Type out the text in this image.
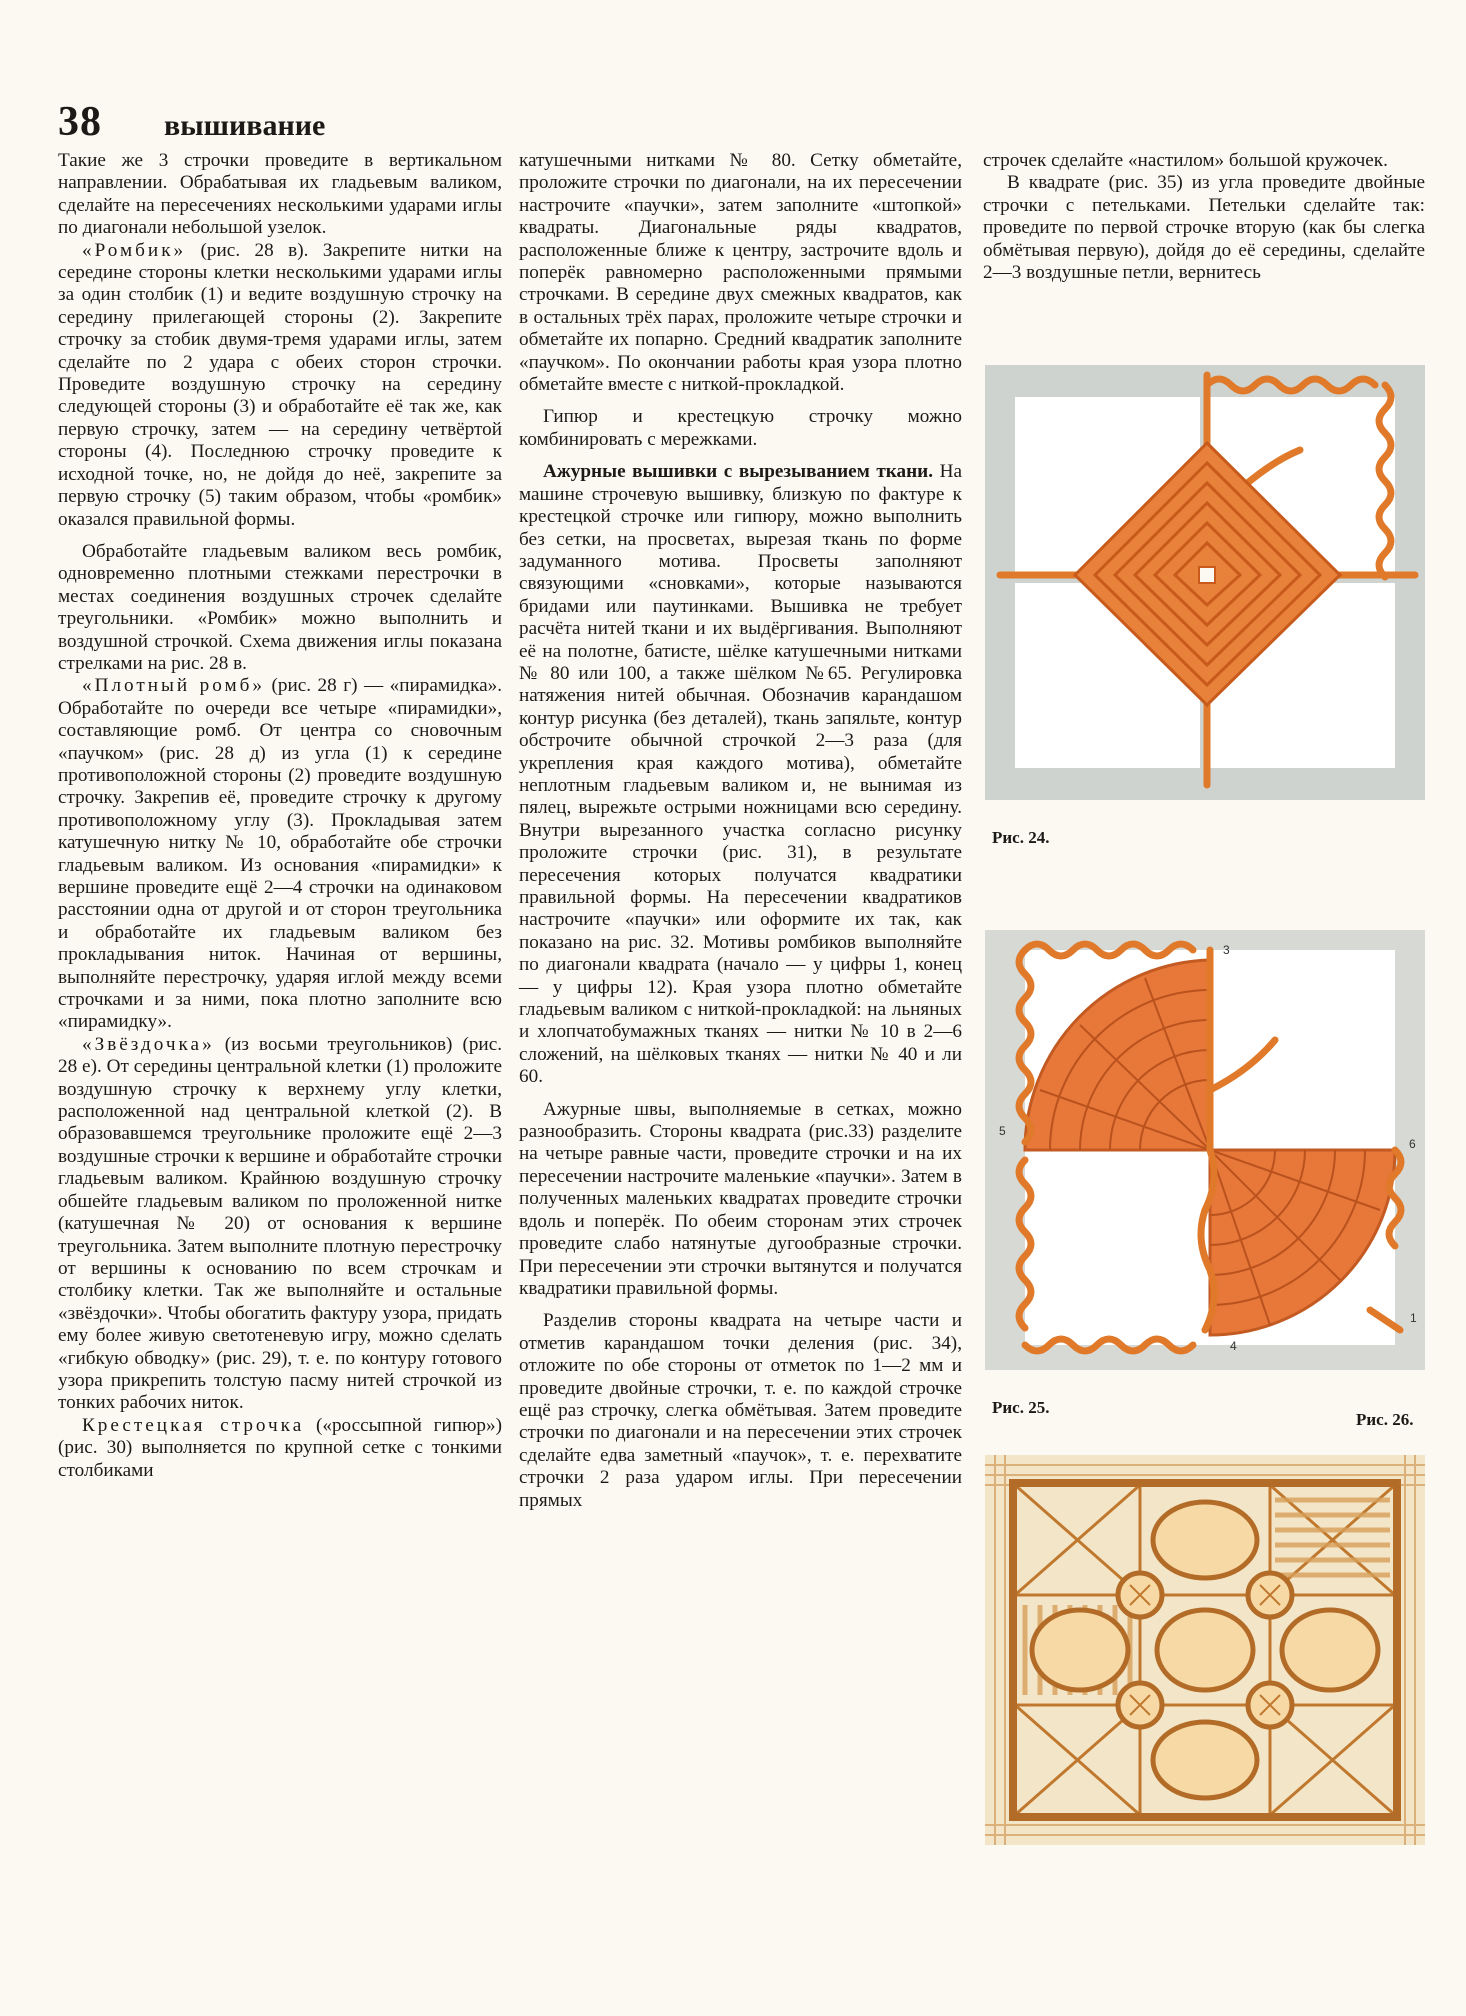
38 вышивание

Такие же 3 строчки проведите в вертикальном направлении. Обрабатывая их гладьевым валиком, сделайте на пересечениях несколькими ударами иглы по диагонали небольшой узелок.

«Ромбик» (рис. 28 в). Закрепите нитки на середине стороны клетки несколькими ударами иглы за один столбик (1) и ведите воздушную строчку на середину прилегающей стороны (2). Закрепите строчку за стобик двумя-тремя ударами иглы, затем сделайте по 2 удара с обеих сторон строчки. Проведите воздушную строчку на середину следующей стороны (3) и обработайте её так же, как первую строчку, затем — на середину четвёртой стороны (4). Последнюю строчку проведите к исходной точке, но, не дойдя до неё, закрепите за первую строчку (5) таким образом, чтобы «ромбик» оказался правильной формы.

Обработайте гладьевым валиком весь ромбик, одновременно плотными стежками перестрочки в местах соединения воздушных строчек сделайте треугольники. «Ромбик» можно выполнить и воздушной строчкой. Схема движения иглы показана стрелками на рис. 28 в.

«Плотный ромб» (рис. 28 г) — «пирамидка». Обработайте по очереди все четыре «пирамидки», составляющие ромб. От центра со сновочным «паучком» (рис. 28 д) из угла (1) к середине противоположной стороны (2) проведите воздушную строчку. Закрепив её, проведите строчку к другому противоположному углу (3). Прокладывая затем катушечную нитку № 10, обработайте обе строчки гладьевым валиком. Из основания «пирамидки» к вершине проведите ещё 2—4 строчки на одинаковом расстоянии одна от другой и от сторон треугольника и обработайте их гладьевым валиком без прокладывания ниток. Начиная от вершины, выполняйте перестрочку, ударяя иглой между всеми строчками и за ними, пока плотно заполните всю «пирамидку».

«Звёздочка» (из восьми треугольников) (рис. 28 е). От середины центральной клетки (1) проложите воздушную строчку к верхнему углу клетки, расположенной над центральной клеткой (2). В образовавшемся треугольнике проложите ещё 2—3 воздушные строчки к вершине и обработайте строчки гладьевым валиком. Крайнюю воздушную строчку обшейте гладьевым валиком по проложенной нитке (катушечная № 20) от основания к вершине треугольника. Затем выполните плотную перестрочку от вершины к основанию по всем строчкам и столбику клетки. Так же выполняйте и остальные «звёздочки». Чтобы обогатить фактуру узора, придать ему более живую светотеневую игру, можно сделать «гибкую обводку» (рис. 29), т. е. по контуру готового узора прикрепить толстую пасму нитей строчкой из тонких рабочих ниток.

Крестецкая строчка («россыпной гипюр») (рис. 30) выполняется по крупной сетке с тонкими столбиками

катушечными нитками № 80. Сетку обметайте, проложите строчки по диагонали, на их пересечении настрочите «паучки», затем заполните «штопкой» квадраты. Диагональные ряды квадратов, расположенные ближе к центру, застрочите вдоль и поперёк равномерно расположенными прямыми строчками. В середине двух смежных квадратов, как в остальных трёх парах, проложите четыре строчки и обметайте их попарно. Средний квадратик заполните «паучком». По окончании работы края узора плотно обметайте вместе с ниткой-прокладкой.

Гипюр и крестецкую строчку можно комбинировать с мережками.

Ажурные вышивки с вырезыванием ткани. На машине строчевую вышивку, близкую по фактуре к крестецкой строчке или гипюру, можно выполнить без сетки, на просветах, вырезая ткань по форме задуманного мотива. Просветы заполняют связующими «сновками», которые называются бридами или паутинками. Вышивка не требует расчёта нитей ткани и их выдёргивания. Выполняют её на полотне, батисте, шёлке катушечными нитками № 80 или 100, а также шёлком №65. Регулировка натяжения нитей обычная. Обозначив карандашом контур рисунка (без деталей), ткань запяльте, контур обстрочите обычной строчкой 2—3 раза (для укрепления края каждого мотива), обметайте неплотным гладьевым валиком и, не вынимая из пялец, вырежьте острыми ножницами всю середину. Внутри вырезанного участка согласно рисунку проложите строчки (рис. 31), в результате пересечения которых получатся квадратики правильной формы. На пересечении квадратиков настрочите «паучки» или оформите их так, как показано на рис. 32. Мотивы ромбиков выполняйте по диагонали квадрата (начало — у цифры 1, конец — у цифры 12). Края узора плотно обметайте гладьевым валиком с ниткой-прокладкой: на льняных и хлопчатобумажных тканях — нитки № 10 в 2—6 сложений, на шёлковых тканях — нитки № 40 и ли 60.

Ажурные швы, выполняемые в сетках, можно разнообразить. Стороны квадрата (рис.33) разделите на четыре равные части, проведите строчки и на их пересечении настрочите маленькие «паучки». Затем в полученных маленьких квадратах проведите строчки вдоль и поперёк. По обеим сторонам этих строчек проведите слабо натянутые дугообразные строчки. При пересечении эти строчки вытянутся и получатся квадратики правильной формы.

Разделив стороны квадрата на четыре части и отметив карандашом точки деления (рис. 34), отложите по обе стороны от отметок по 1—2 мм и проведите двойные строчки, т. е. по каждой строчке ещё раз строчку, слегка обмётывая. Затем проведите строчки по диагонали и на пересечении этих строчек сделайте едва заметный «паучок», т. е. перехватите строчки 2 раза ударом иглы. При пересечении прямых

строчек сделайте «настилом» большой кружочек.

В квадрате (рис. 35) из угла проведите двойные строчки с петельками. Петельки сделайте так: проведите по первой строчке вторую (как бы слегка обмётывая первую), дойдя до её середины, сделайте 2—3 воздушные петли, вернитесь

Рис. 24.
3
5
6
1
4
Рис. 25.
Рис. 26.
